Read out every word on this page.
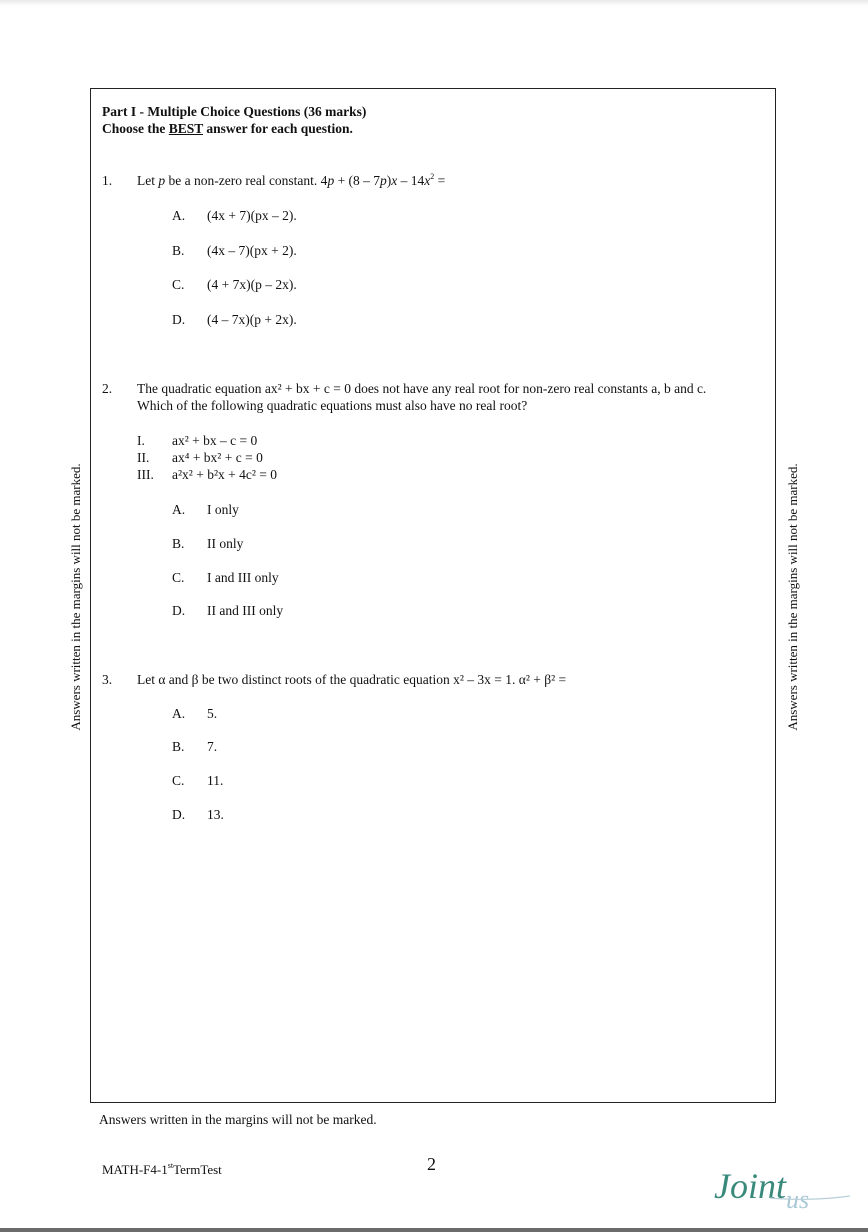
Part I - Multiple Choice Questions (36 marks)
Choose the BEST answer for each question.
1. Let p be a non-zero real constant. $4p + (8 - 7p)x - 14x^2$ =
A. (4x + 7)(px – 2).
B. (4x – 7)(px + 2).
C. (4 + 7x)(p – 2x).
D. (4 – 7x)(p + 2x).
2. The quadratic equation ax² + bx + c = 0 does not have any real root for non-zero real constants a, b and c.
Which of the following quadratic equations must also have no real root?
I. ax² + bx – c = 0
II. ax⁴ + bx² + c = 0
III. a²x² + b²x + 4c² = 0
A. I only
B. II only
C. I and III only
D. II and III only
3. Let α and β be two distinct roots of the quadratic equation x² – 3x = 1. α² + β² =
A. 5.
B. 7.
C. 11.
D. 13.
Answers written in the margins will not be marked.	Answers written in the margins will not be marked.
Answers written in the margins will not be marked.
MATH-F4-1stTermTest	2
Joint us
